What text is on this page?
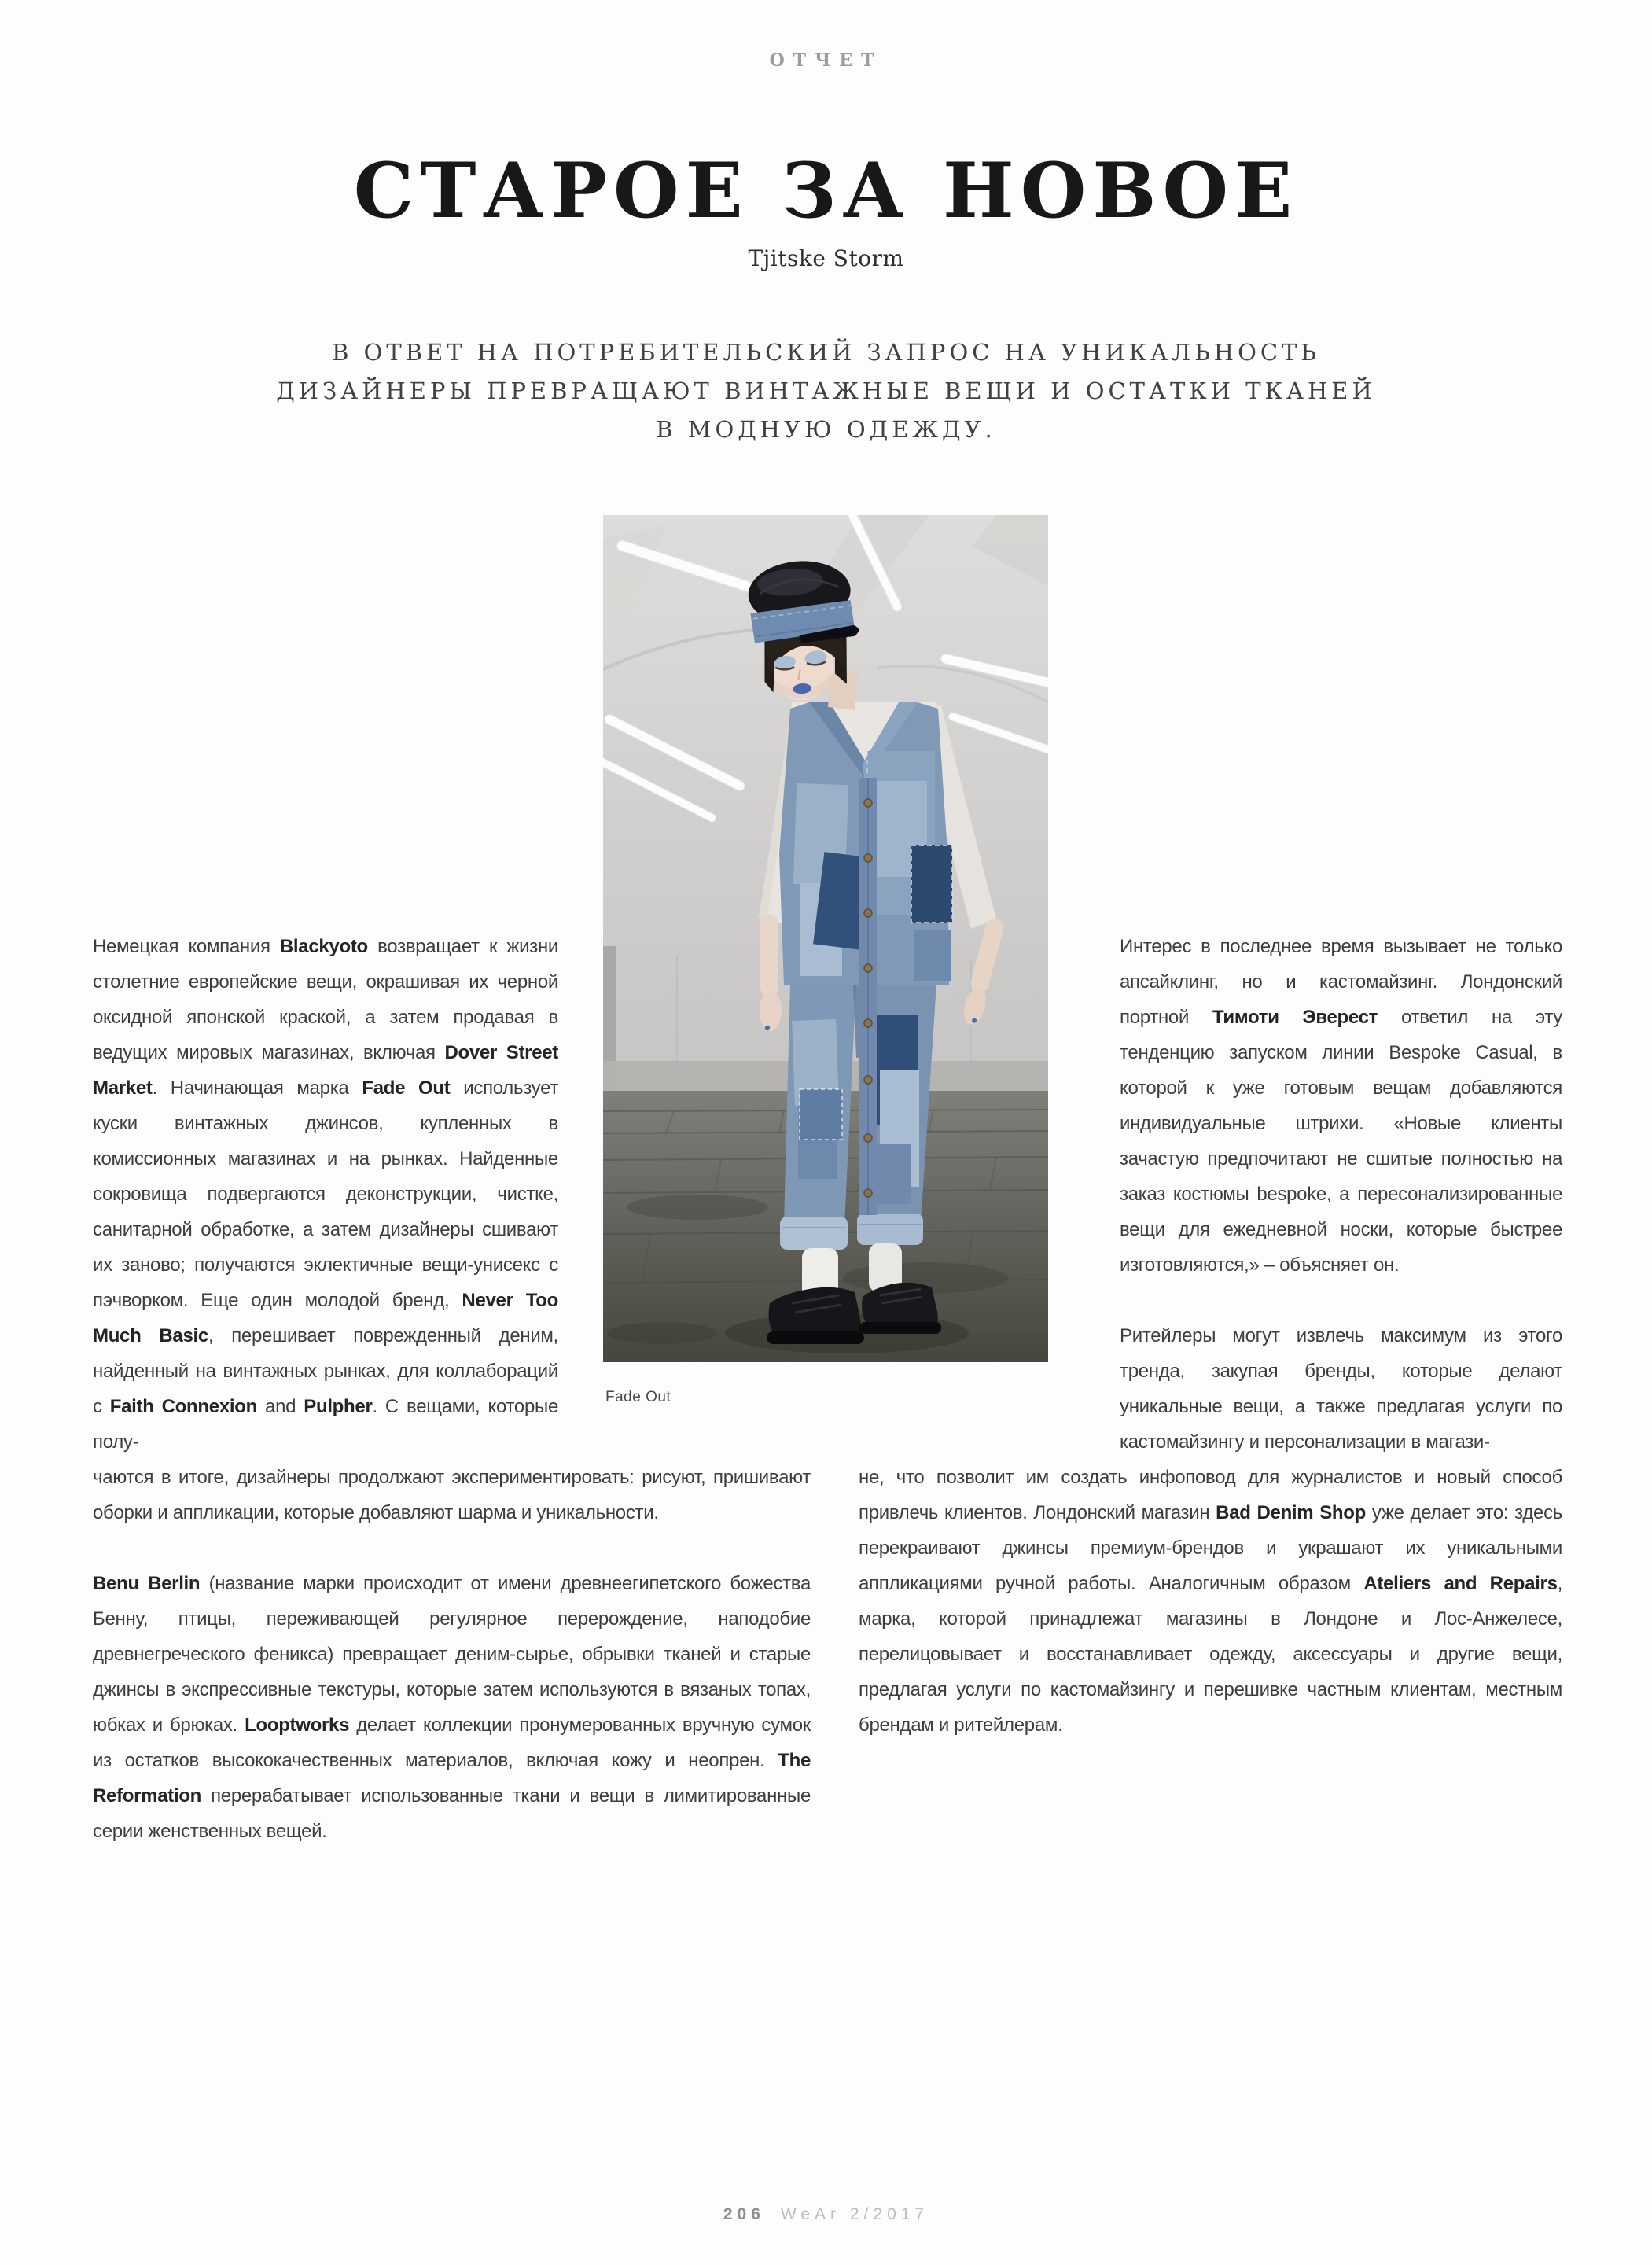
ОТЧЕТ
СТАРОЕ ЗА НОВОЕ
Tjitske Storm
В ОТВЕТ НА ПОТРЕБИТЕЛЬСКИЙ ЗАПРОС НА УНИКАЛЬНОСТЬ
ДИЗАЙНЕРЫ ПРЕВРАЩАЮТ ВИНТАЖНЫЕ ВЕЩИ И ОСТАТКИ ТКАНЕЙ
В МОДНУЮ ОДЕЖДУ.
Fade Out

Немецкая компания Blackyoto возвращает к жизни столетние европейские вещи, окрашивая их черной оксидной японской краской, а затем продавая в ведущих мировых магазинах, включая Dover Street Market. Начинающая марка Fade Out использует куски винтажных джинсов, купленных в комиссионных магазинах и на рынках. Найденные сокровища подвергаются деконструкции, чистке, санитарной обработке, а затем дизайнеры сшивают их заново; получаются эклектичные вещи-унисекс с пэчворком. Еще один молодой бренд, Never Too Much Basic, перешивает поврежденный деним, найденный на винтажных рынках, для коллабораций с Faith Connexion and Pulpher. С вещами, которые полу-

Интерес в последнее время вызывает не только апсайклинг, но и кастомайзинг. Лондонский портной Тимоти Эверест ответил на эту тенденцию запуском линии Bespoke Casual, в которой к уже готовым вещам добавляются индивидуальные штрихи. «Новые клиенты зачастую предпочитают не сшитые полностью на заказ костюмы bespoke, а пересонализированные вещи для ежедневной носки, которые быстрее изготовляются,» – объясняет он.

Ритейлеры могут извлечь максимум из этого тренда, закупая бренды, которые делают уникальные вещи, а также предлагая услуги по кастомайзингу и персонализации в магази-

чаются в итоге, дизайнеры продолжают экспериментировать: рисуют, пришивают оборки и аппликации, которые добавляют шарма и уникальности.

Benu Berlin (название марки происходит от имени древнеегипетского божества Бенну, птицы, переживающей регулярное перерождение, наподобие древнегреческого феникса) превращает деним-сырье, обрывки тканей и старые джинсы в экспрессивные текстуры, которые затем используются в вязаных топах, юбках и брюках. Looptworks делает коллекции пронумерованных вручную сумок из остатков высококачественных материалов, включая кожу и неопрен. The Reformation перерабатывает использованные ткани и вещи в лимитированные серии женственных вещей.

не, что позволит им создать инфоповод для журналистов и новый способ привлечь клиентов. Лондонский магазин Bad Denim Shop уже делает это: здесь перекраивают джинсы премиум-брендов и украшают их уникальными аппликациями ручной работы. Аналогичным образом Ateliers and Repairs, марка, которой принадлежат магазины в Лондоне и Лос-Анжелесе, перелицовывает и восстанавливает одежду, аксессуары и другие вещи, предлагая услуги по кастомайзингу и перешивке частным клиентам, местным брендам и ритейлерам.

206 WeAr 2/2017
